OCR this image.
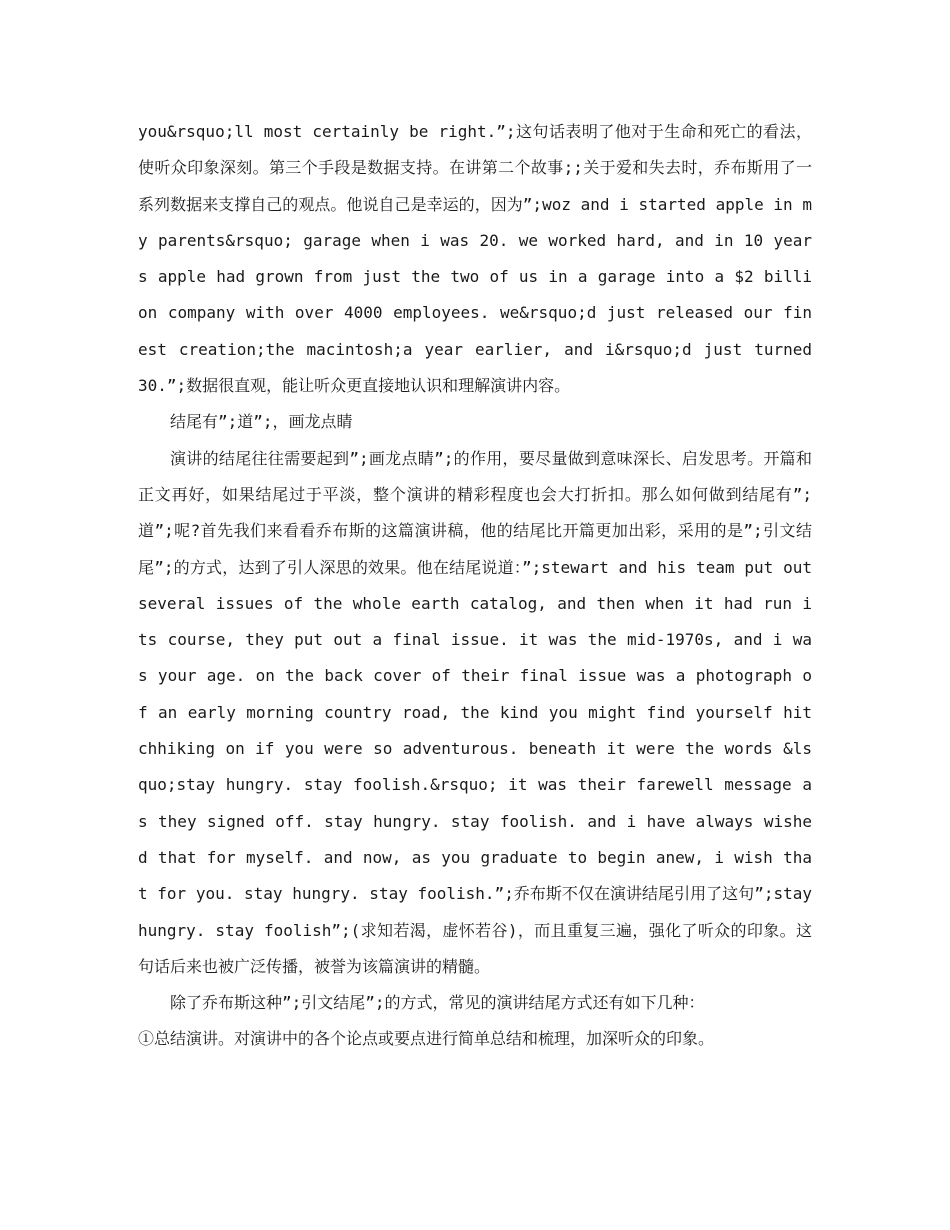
you&rsquo;ll most certainly be right.”;这句话表明了他对于生命和死亡的看法，使听众印象深刻。第三个手段是数据支持。在讲第二个故事;;关于爱和失去时，乔布斯用了一系列数据来支撑自己的观点。他说自己是幸运的，因为”;woz and i started apple in my parents&rsquo; garage when i was 20. we worked hard, and in 10 years apple had grown from just the two of us in a garage into a $2 billion company with over 4000 employees. we&rsquo;d just released our finest creation;the macintosh;a year earlier, and i&rsquo;d just turned 30.”;数据很直观，能让听众更直接地认识和理解演讲内容。

结尾有”;道”;，画龙点睛

演讲的结尾往往需要起到”;画龙点睛”;的作用，要尽量做到意味深长、启发思考。开篇和正文再好，如果结尾过于平淡，整个演讲的精彩程度也会大打折扣。那么如何做到结尾有”;道”;呢?首先我们来看看乔布斯的这篇演讲稿，他的结尾比开篇更加出彩，采用的是”;引文结尾”;的方式，达到了引人深思的效果。他在结尾说道：”;stewart and his team put out several issues of the whole earth catalog, and then when it had run its course, they put out a final issue. it was the mid-1970s, and i was your age. on the back cover of their final issue was a photograph of an early morning country road, the kind you might find yourself hitchhiking on if you were so adventurous. beneath it were the words &lsquo;stay hungry. stay foolish.&rsquo; it was their farewell message as they signed off. stay hungry. stay foolish. and i have always wished that for myself. and now, as you graduate to begin anew, i wish that for you. stay hungry. stay foolish.”;乔布斯不仅在演讲结尾引用了这句”;stay hungry. stay foolish”;(求知若渴，虚怀若谷)，而且重复三遍，强化了听众的印象。这句话后来也被广泛传播，被誉为该篇演讲的精髓。

除了乔布斯这种”;引文结尾”;的方式，常见的演讲结尾方式还有如下几种：

①总结演讲。对演讲中的各个论点或要点进行简单总结和梳理，加深听众的印象。
